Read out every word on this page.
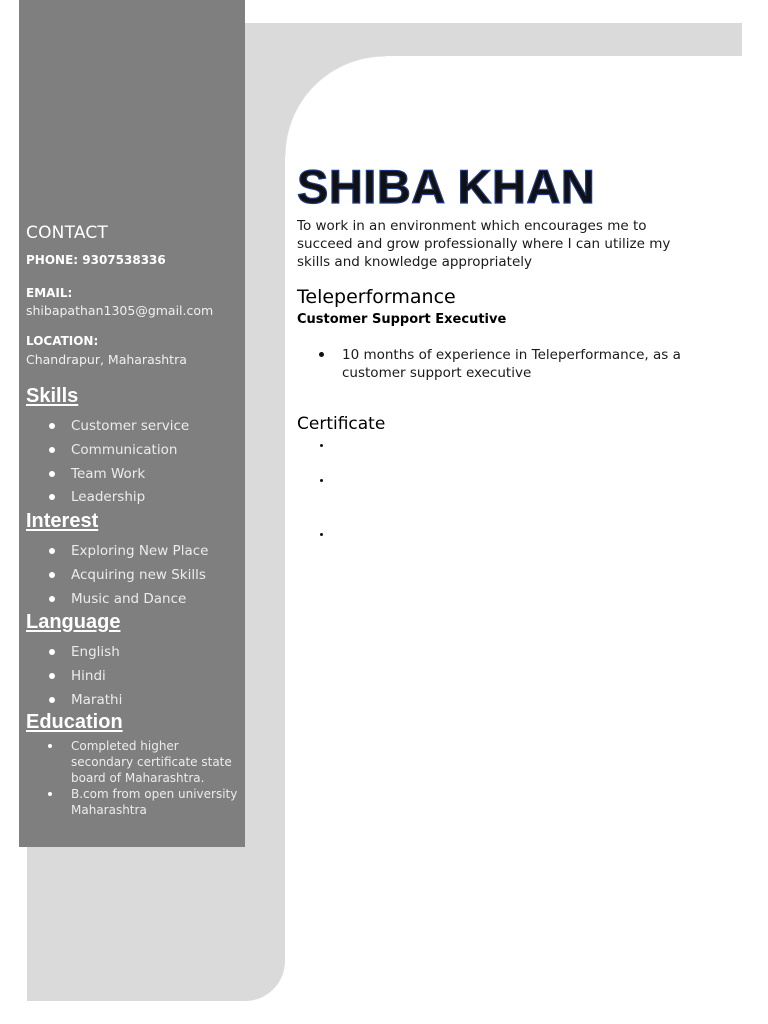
CONTACT
PHONE: 9307538336
EMAIL:
shibapathan1305@gmail.com
LOCATION:
Chandrapur, Maharashtra
Skills
Customer service
Communication
Team Work
Leadership
Interest
Exploring New Place
Acquiring new Skills
Music and Dance
Language
English
Hindi
Marathi
Education
Completed higher secondary certificate state board of Maharashtra.
B.com from open university Maharashtra
SHIBA KHAN
To work in an environment which encourages me to succeed and grow professionally where I can utilize my skills and knowledge appropriately
Teleperformance
Customer Support Executive
10 months of experience in Teleperformance, as a customer support executive
Certificate
